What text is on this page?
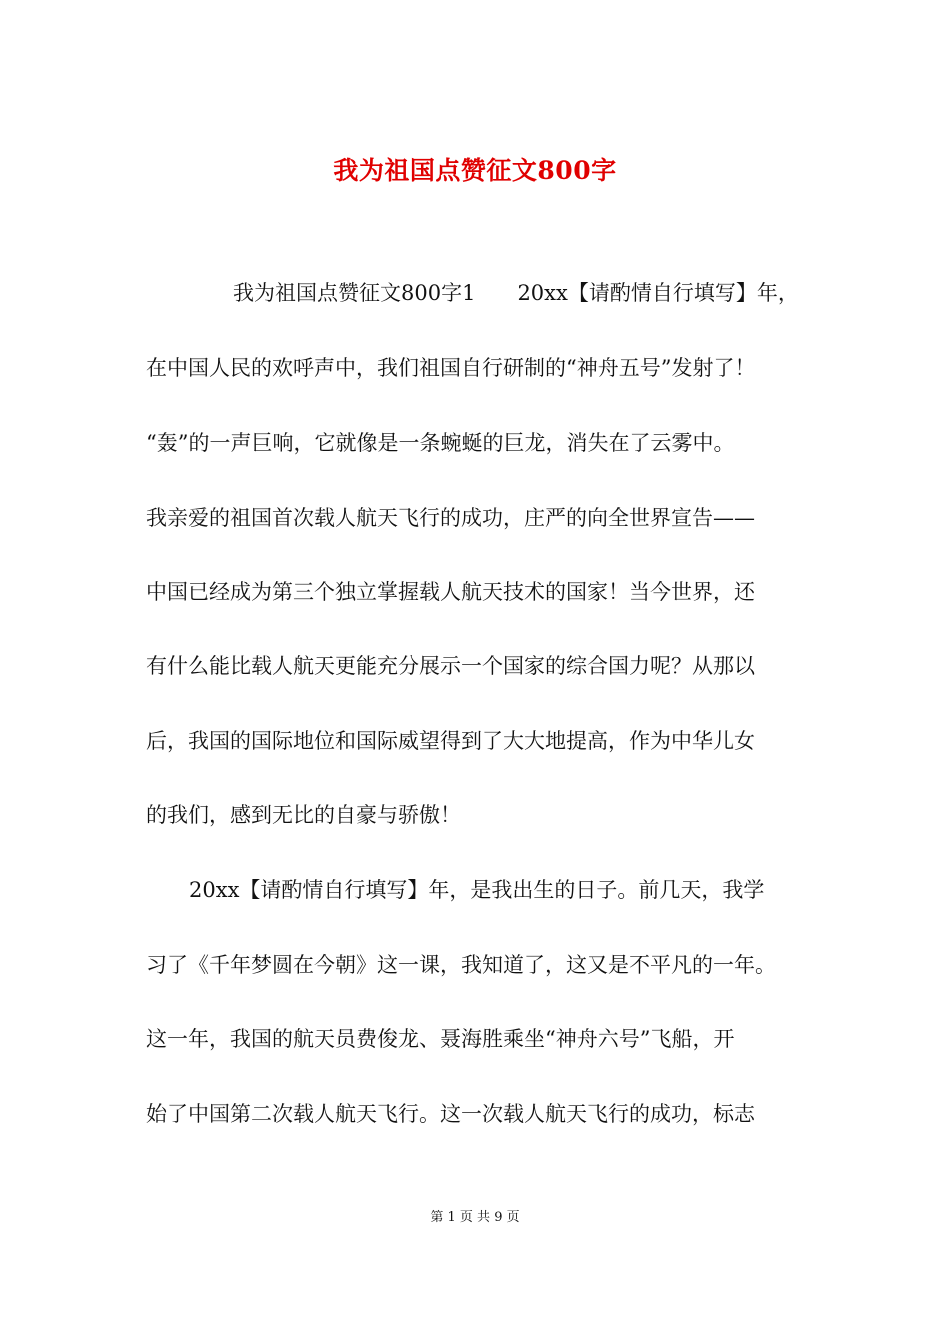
我为祖国点赞征文800字
我为祖国点赞征文800字1　　20xx【请酌情自行填写】年，
在中国人民的欢呼声中，我们祖国自行研制的“神舟五号”发射了！
“轰”的一声巨响，它就像是一条蜿蜒的巨龙，消失在了云雾中。
我亲爱的祖国首次载人航天飞行的成功，庄严的向全世界宣告——
中国已经成为第三个独立掌握载人航天技术的国家！当今世界，还
有什么能比载人航天更能充分展示一个国家的综合国力呢？从那以
后，我国的国际地位和国际威望得到了大大地提高，作为中华儿女
的我们，感到无比的自豪与骄傲！
20xx【请酌情自行填写】年，是我出生的日子。前几天，我学
习了《千年梦圆在今朝》这一课，我知道了，这又是不平凡的一年。
这一年，我国的航天员费俊龙、聂海胜乘坐“神舟六号”飞船，开
始了中国第二次载人航天飞行。这一次载人航天飞行的成功，标志
第 1 页 共 9 页
